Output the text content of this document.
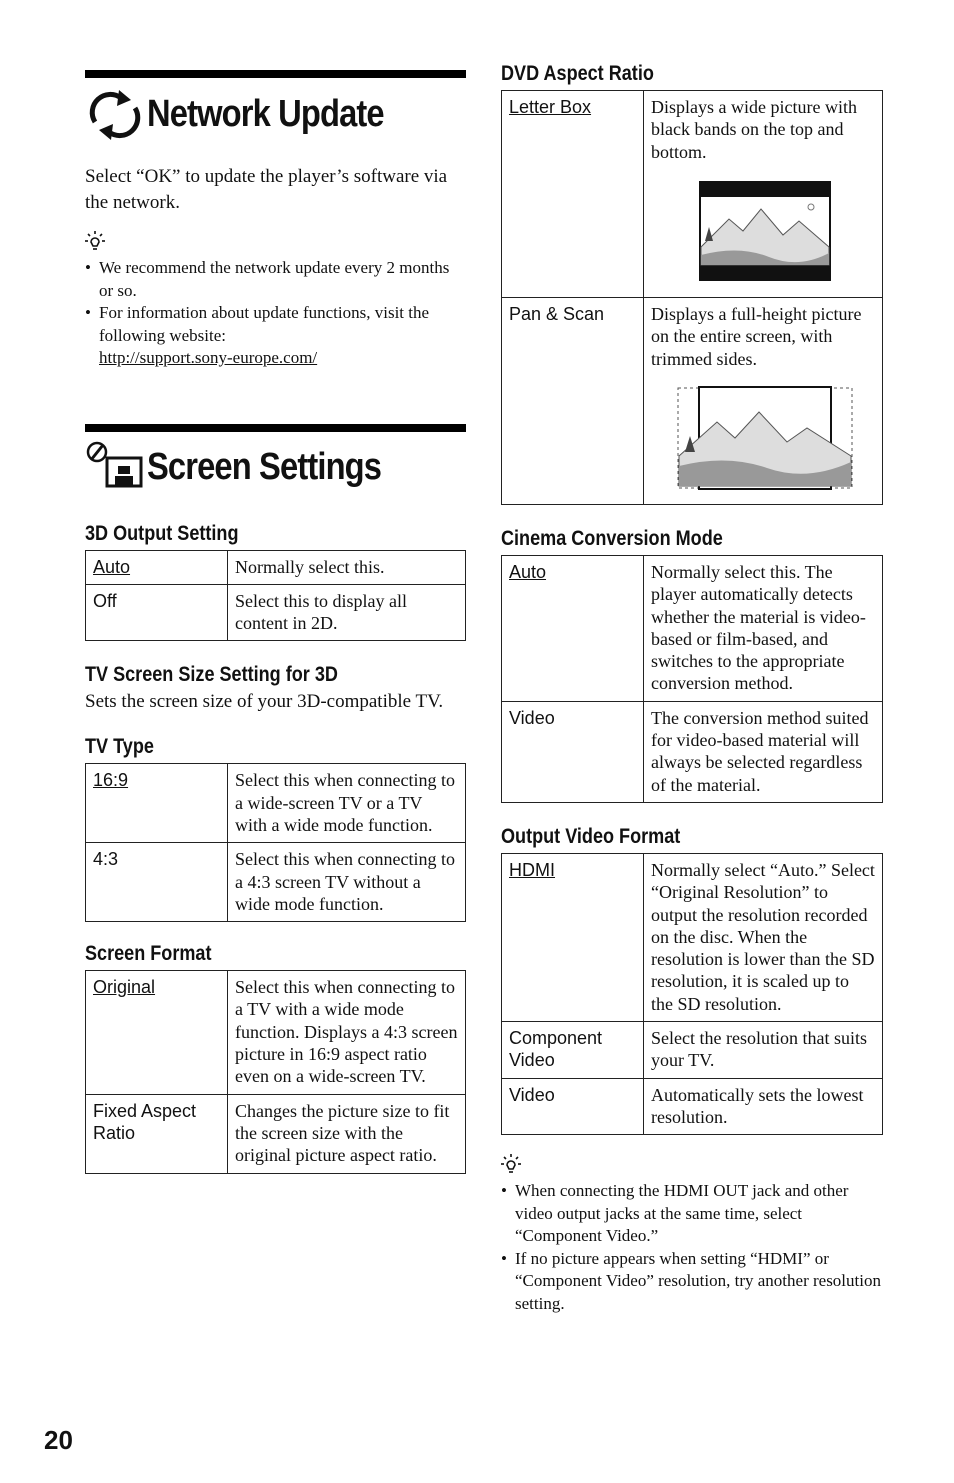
Network Update
Select “OK” to update the player’s software via the network.
• We recommend the network update every 2 months or so.
• For information about update functions, visit the following website:
http://support.sony-europe.com/
Screen Settings
3D Output Setting
Auto	Normally select this.
Off	Select this to display all content in 2D.
TV Screen Size Setting for 3D
Sets the screen size of your 3D-compatible TV.
TV Type
16:9	Select this when connecting to a wide-screen TV or a TV with a wide mode function.
4:3	Select this when connecting to a 4:3 screen TV without a wide mode function.
Screen Format
Original	Select this when connecting to a TV with a wide mode function. Displays a 4:3 screen picture in 16:9 aspect ratio even on a wide-screen TV.
Fixed Aspect Ratio	Changes the picture size to fit the screen size with the original picture aspect ratio.
DVD Aspect Ratio
Letter Box	Displays a wide picture with black bands on the top and bottom.

Pan & Scan	Displays a full-height picture on the entire screen, with trimmed sides.
Cinema Conversion Mode
Auto	Normally select this. The player automatically detects whether the material is video-based or film-based, and switches to the appropriate conversion method.
Video	The conversion method suited for video-based material will always be selected regardless of the material.
Output Video Format
HDMI	Normally select “Auto.” Select “Original Resolution” to output the resolution recorded on the disc. When the resolution is lower than the SD resolution, it is scaled up to the SD resolution.
Component Video	Select the resolution that suits your TV.
Video	Automatically sets the lowest resolution.
• When connecting the HDMI OUT jack and other video output jacks at the same time, select “Component Video.”
• If no picture appears when setting “HDMI” or “Component Video” resolution, try another resolution setting.
20
